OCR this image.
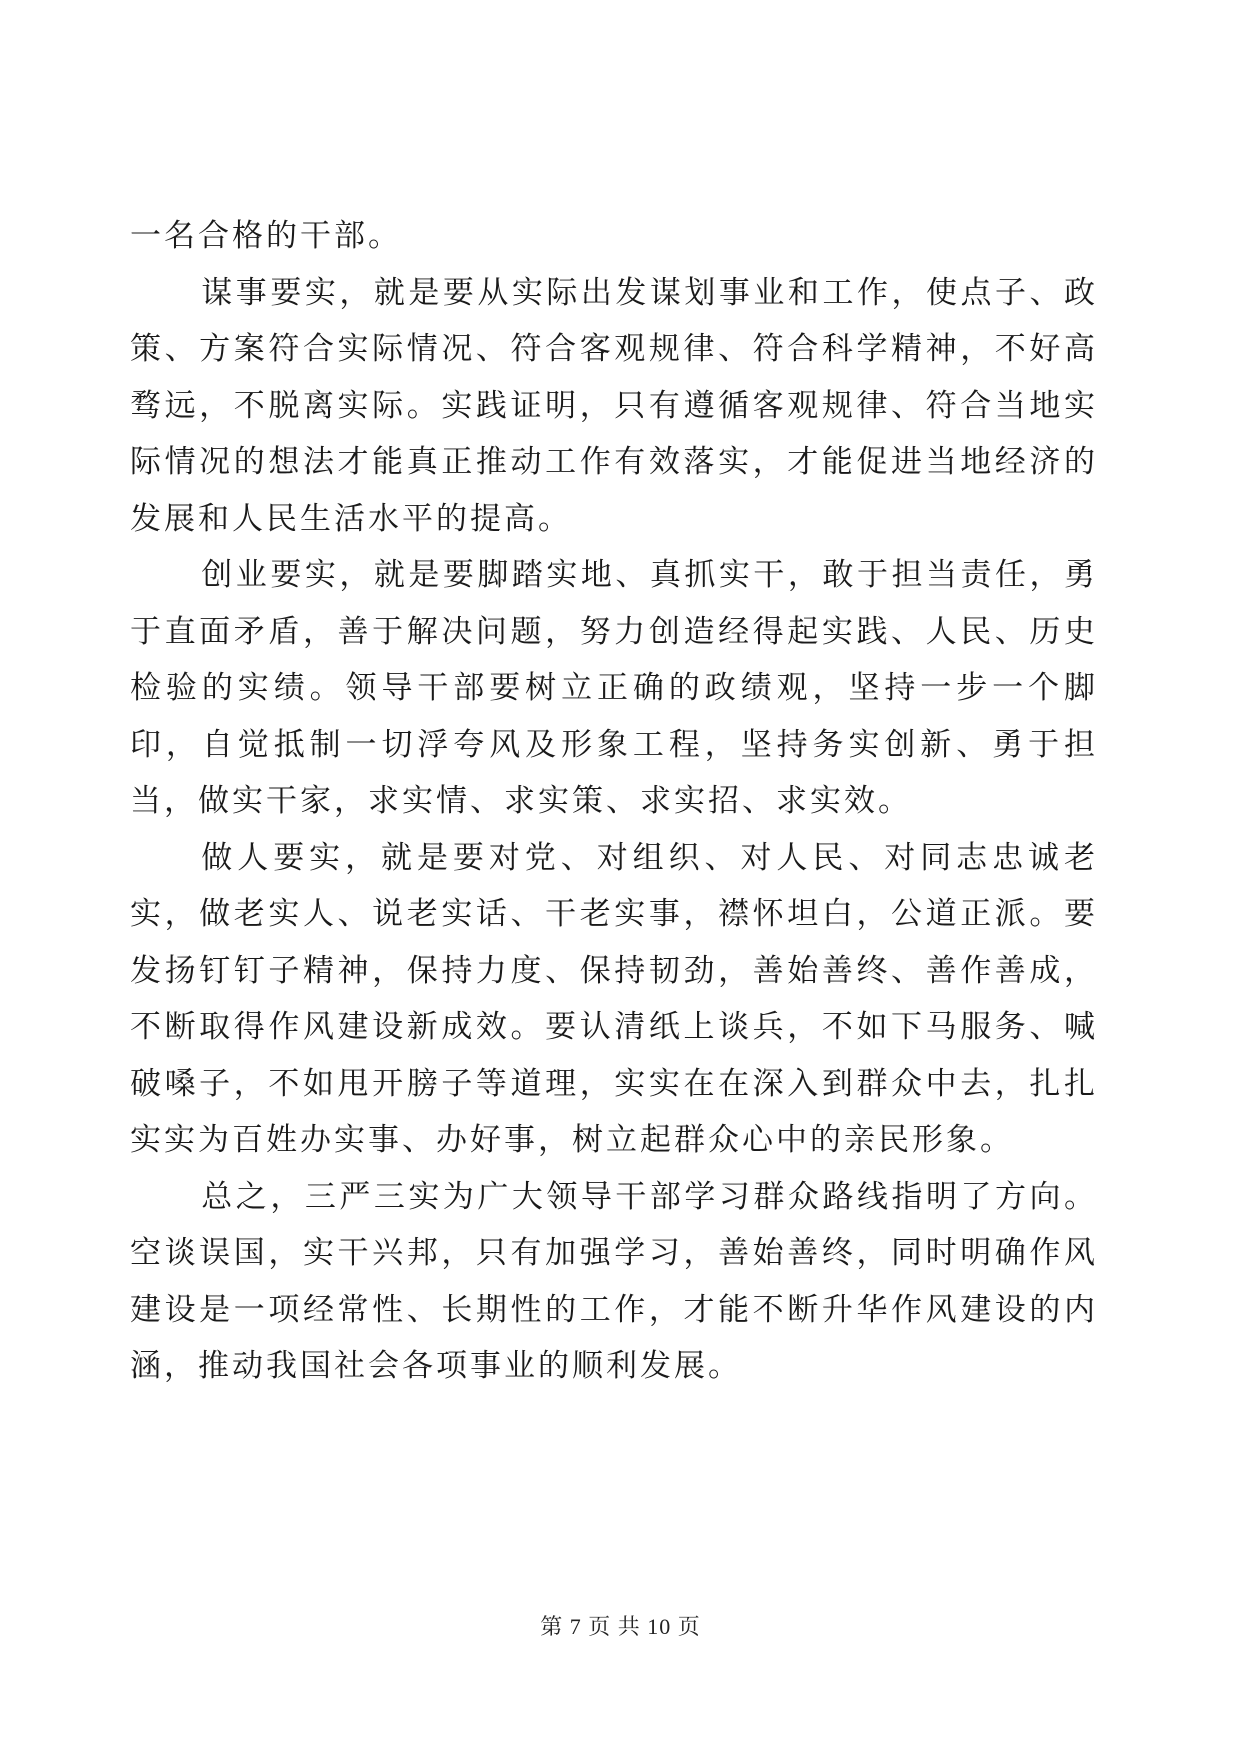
一名合格的干部。

谋事要实，就是要从实际出发谋划事业和工作，使点子、政策、方案符合实际情况、符合客观规律、符合科学精神，不好高骛远，不脱离实际。实践证明，只有遵循客观规律、符合当地实际情况的想法才能真正推动工作有效落实，才能促进当地经济的发展和人民生活水平的提高。

创业要实，就是要脚踏实地、真抓实干，敢于担当责任，勇于直面矛盾，善于解决问题，努力创造经得起实践、人民、历史检验的实绩。领导干部要树立正确的政绩观，坚持一步一个脚印，自觉抵制一切浮夸风及形象工程，坚持务实创新、勇于担当，做实干家，求实情、求实策、求实招、求实效。

做人要实，就是要对党、对组织、对人民、对同志忠诚老实，做老实人、说老实话、干老实事，襟怀坦白，公道正派。要发扬钉钉子精神，保持力度、保持韧劲，善始善终、善作善成，不断取得作风建设新成效。要认清纸上谈兵，不如下马服务、喊破嗓子，不如甩开膀子等道理，实实在在深入到群众中去，扎扎实实为百姓办实事、办好事，树立起群众心中的亲民形象。

总之，三严三实为广大领导干部学习群众路线指明了方向。空谈误国，实干兴邦，只有加强学习，善始善终，同时明确作风建设是一项经常性、长期性的工作，才能不断升华作风建设的内涵，推动我国社会各项事业的顺利发展。

第 7 页 共 10 页
